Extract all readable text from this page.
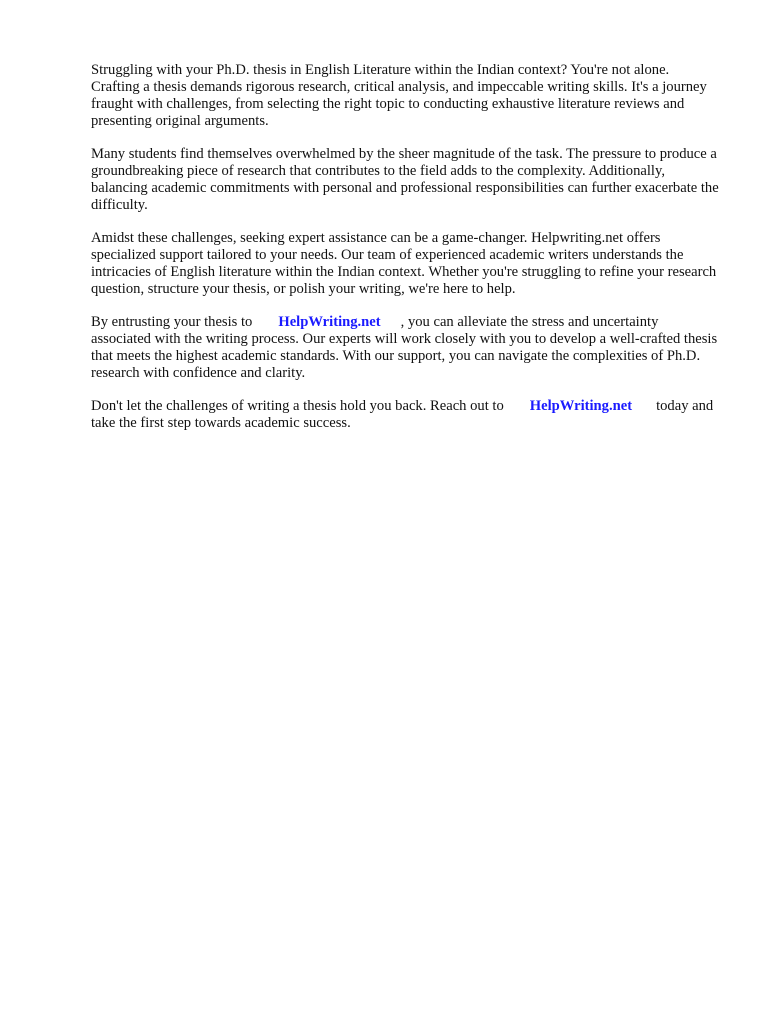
Struggling with your Ph.D. thesis in English Literature within the Indian context? You're not alone. Crafting a thesis demands rigorous research, critical analysis, and impeccable writing skills. It's a journey fraught with challenges, from selecting the right topic to conducting exhaustive literature reviews and presenting original arguments.

Many students find themselves overwhelmed by the sheer magnitude of the task. The pressure to produce a groundbreaking piece of research that contributes to the field adds to the complexity. Additionally, balancing academic commitments with personal and professional responsibilities can further exacerbate the difficulty.

Amidst these challenges, seeking expert assistance can be a game-changer. Helpwriting.net offers specialized support tailored to your needs. Our team of experienced academic writers understands the intricacies of English literature within the Indian context. Whether you're struggling to refine your research question, structure your thesis, or polish your writing, we're here to help.

By entrusting your thesis to HelpWriting.net , you can alleviate the stress and uncertainty associated with the writing process. Our experts will work closely with you to develop a well-crafted thesis that meets the highest academic standards. With our support, you can navigate the complexities of Ph.D. research with confidence and clarity.

Don't let the challenges of writing a thesis hold you back. Reach out to HelpWriting.net today and take the first step towards academic success.
